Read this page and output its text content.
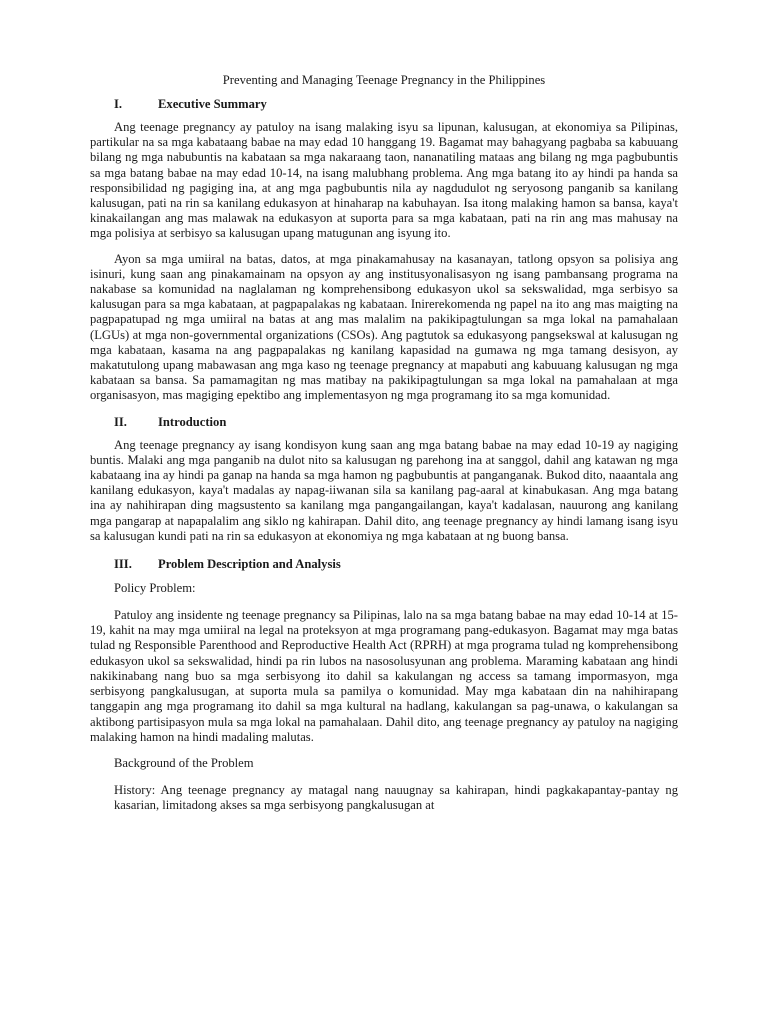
Preventing and Managing Teenage Pregnancy in the Philippines
I.	Executive Summary

Ang teenage pregnancy ay patuloy na isang malaking isyu sa lipunan, kalusugan, at ekonomiya sa Pilipinas, partikular na sa mga kabataang babae na may edad 10 hanggang 19. Bagamat may bahagyang pagbaba sa kabuuang bilang ng mga nabubuntis na kabataan sa mga nakaraang taon, nananatiling mataas ang bilang ng mga pagbubuntis sa mga batang babae na may edad 10-14, na isang malubhang problema. Ang mga batang ito ay hindi pa handa sa responsibilidad ng pagiging ina, at ang mga pagbubuntis nila ay nagdudulot ng seryosong panganib sa kanilang kalusugan, pati na rin sa kanilang edukasyon at hinaharap na kabuhayan. Isa itong malaking hamon sa bansa, kaya't kinakailangan ang mas malawak na edukasyon at suporta para sa mga kabataan, pati na rin ang mas mahusay na mga polisiya at serbisyo sa kalusugan upang matugunan ang isyung ito.

Ayon sa mga umiiral na batas, datos, at mga pinakamahusay na kasanayan, tatlong opsyon sa polisiya ang isinuri, kung saan ang pinakamainam na opsyon ay ang institusyonalisasyon ng isang pambansang programa na nakabase sa komunidad na naglalaman ng komprehensibong edukasyon ukol sa sekswalidad, mga serbisyo sa kalusugan para sa mga kabataan, at pagpapalakas ng kabataan. Inirerekomenda ng papel na ito ang mas maigting na pagpapatupad ng mga umiiral na batas at ang mas malalim na pakikipagtulungan sa mga lokal na pamahalaan (LGUs) at mga non-governmental organizations (CSOs). Ang pagtutok sa edukasyong pangsekswal at kalusugan ng mga kabataan, kasama na ang pagpapalakas ng kanilang kapasidad na gumawa ng mga tamang desisyon, ay makatutulong upang mabawasan ang mga kaso ng teenage pregnancy at mapabuti ang kabuuang kalusugan ng mga kabataan sa bansa. Sa pamamagitan ng mas matibay na pakikipagtulungan sa mga lokal na pamahalaan at mga organisasyon, mas magiging epektibo ang implementasyon ng mga programang ito sa mga komunidad.

II.	Introduction

Ang teenage pregnancy ay isang kondisyon kung saan ang mga batang babae na may edad 10-19 ay nagiging buntis. Malaki ang mga panganib na dulot nito sa kalusugan ng parehong ina at sanggol, dahil ang katawan ng mga kabataang ina ay hindi pa ganap na handa sa mga hamon ng pagbubuntis at panganganak. Bukod dito, naaantala ang kanilang edukasyon, kaya't madalas ay napag-iiwanan sila sa kanilang pag-aaral at kinabukasan. Ang mga batang ina ay nahihirapan ding magsustento sa kanilang mga pangangailangan, kaya't kadalasan, nauurong ang kanilang mga pangarap at napapalalim ang siklo ng kahirapan. Dahil dito, ang teenage pregnancy ay hindi lamang isang isyu sa kalusugan kundi pati na rin sa edukasyon at ekonomiya ng mga kabataan at ng buong bansa.

III.	Problem Description and Analysis
Policy Problem:

Patuloy ang insidente ng teenage pregnancy sa Pilipinas, lalo na sa mga batang babae na may edad 10-14 at 15-19, kahit na may mga umiiral na legal na proteksyon at mga programang pang-edukasyon. Bagamat may mga batas tulad ng Responsible Parenthood and Reproductive Health Act (RPRH) at mga programa tulad ng komprehensibong edukasyon ukol sa sekswalidad, hindi pa rin lubos na nasosolusyunan ang problema. Maraming kabataan ang hindi nakikinabang nang buo sa mga serbisyong ito dahil sa kakulangan ng access sa tamang impormasyon, mga serbisyong pangkalusugan, at suporta mula sa pamilya o komunidad. May mga kabataan din na nahihirapang tanggapin ang mga programang ito dahil sa mga kultural na hadlang, kakulangan sa pag-unawa, o kakulangan sa aktibong partisipasyon mula sa mga lokal na pamahalaan. Dahil dito, ang teenage pregnancy ay patuloy na nagiging malaking hamon na hindi madaling malutas.

Background of the Problem

History: Ang teenage pregnancy ay matagal nang nauugnay sa kahirapan, hindi pagkakapantay-pantay ng kasarian, limitadong akses sa mga serbisyong pangkalusugan at
